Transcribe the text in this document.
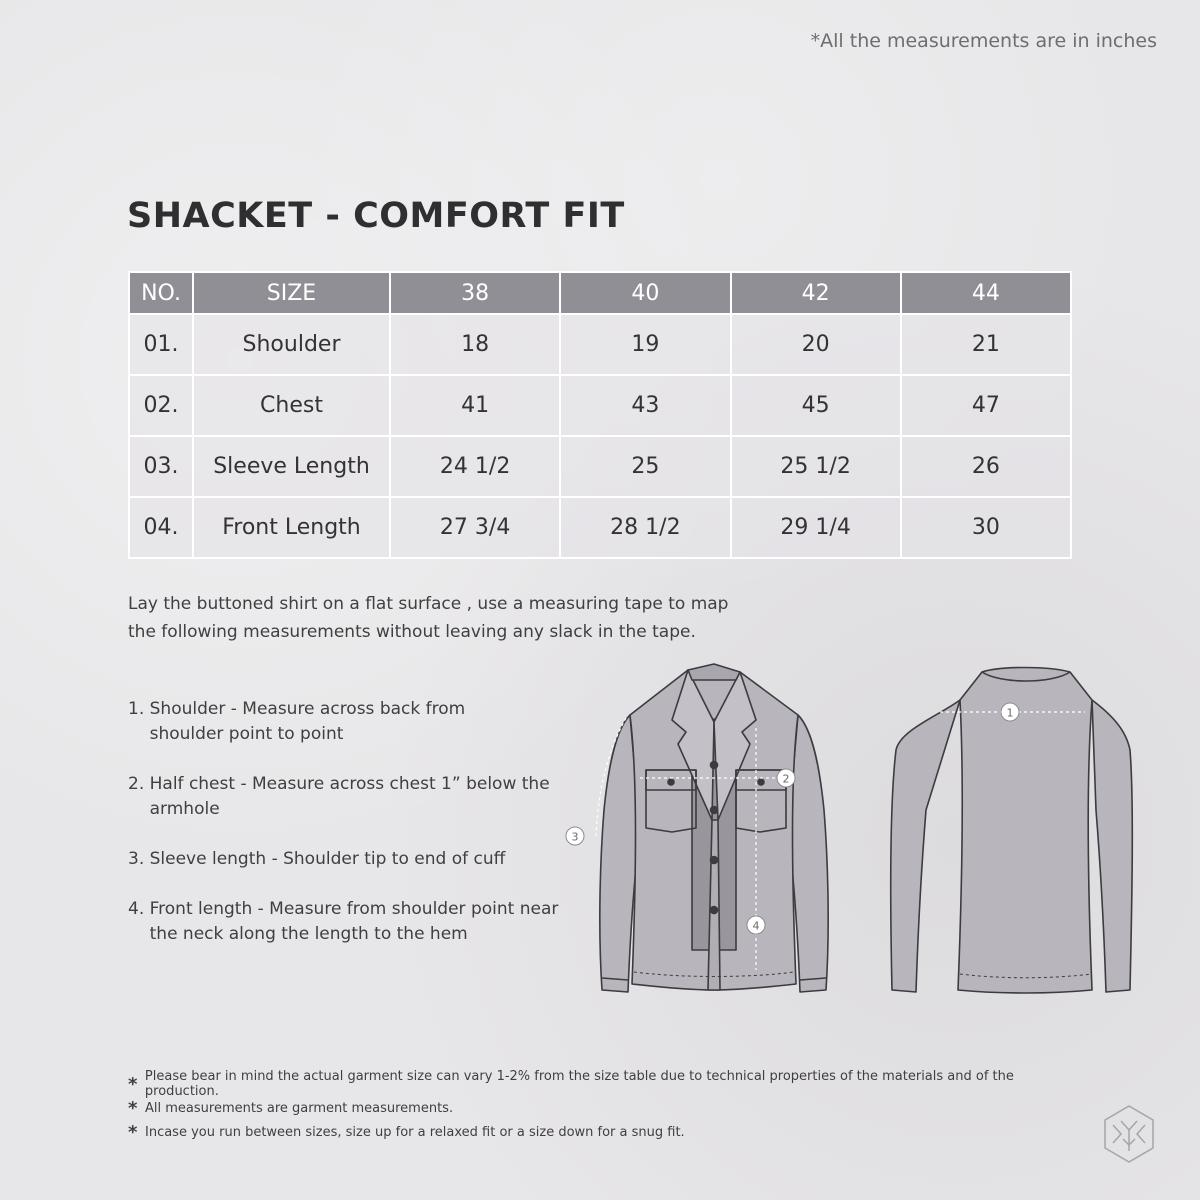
*All the measurements are in inches
SHACKET - COMFORT FIT
NO.	SIZE	38	40	42	44
01.	Shoulder	18	19	20	21
02.	Chest	41	43	45	47
03.	Sleeve Length	24 1/2	25	25 1/2	26
04.	Front Length	27 3/4	28 1/2	29 1/4	30

Lay the buttoned shirt on a flat surface , use a measuring tape to map
the following measurements without leaving any slack in the tape.

1. Shoulder - Measure across back from shoulder point to point
2. Half chest - Measure across chest 1” below the armhole
3. Sleeve length - Shoulder tip to end of cuff
4. Front length - Measure from shoulder point near the neck along the length to the hem
1
2
3
4
* Please bear in mind the actual garment size can vary 1-2% from the size table due to technical properties of the materials and of the production.
* All measurements are garment measurements.
* Incase you run between sizes, size up for a relaxed fit or a size down for a snug fit.
